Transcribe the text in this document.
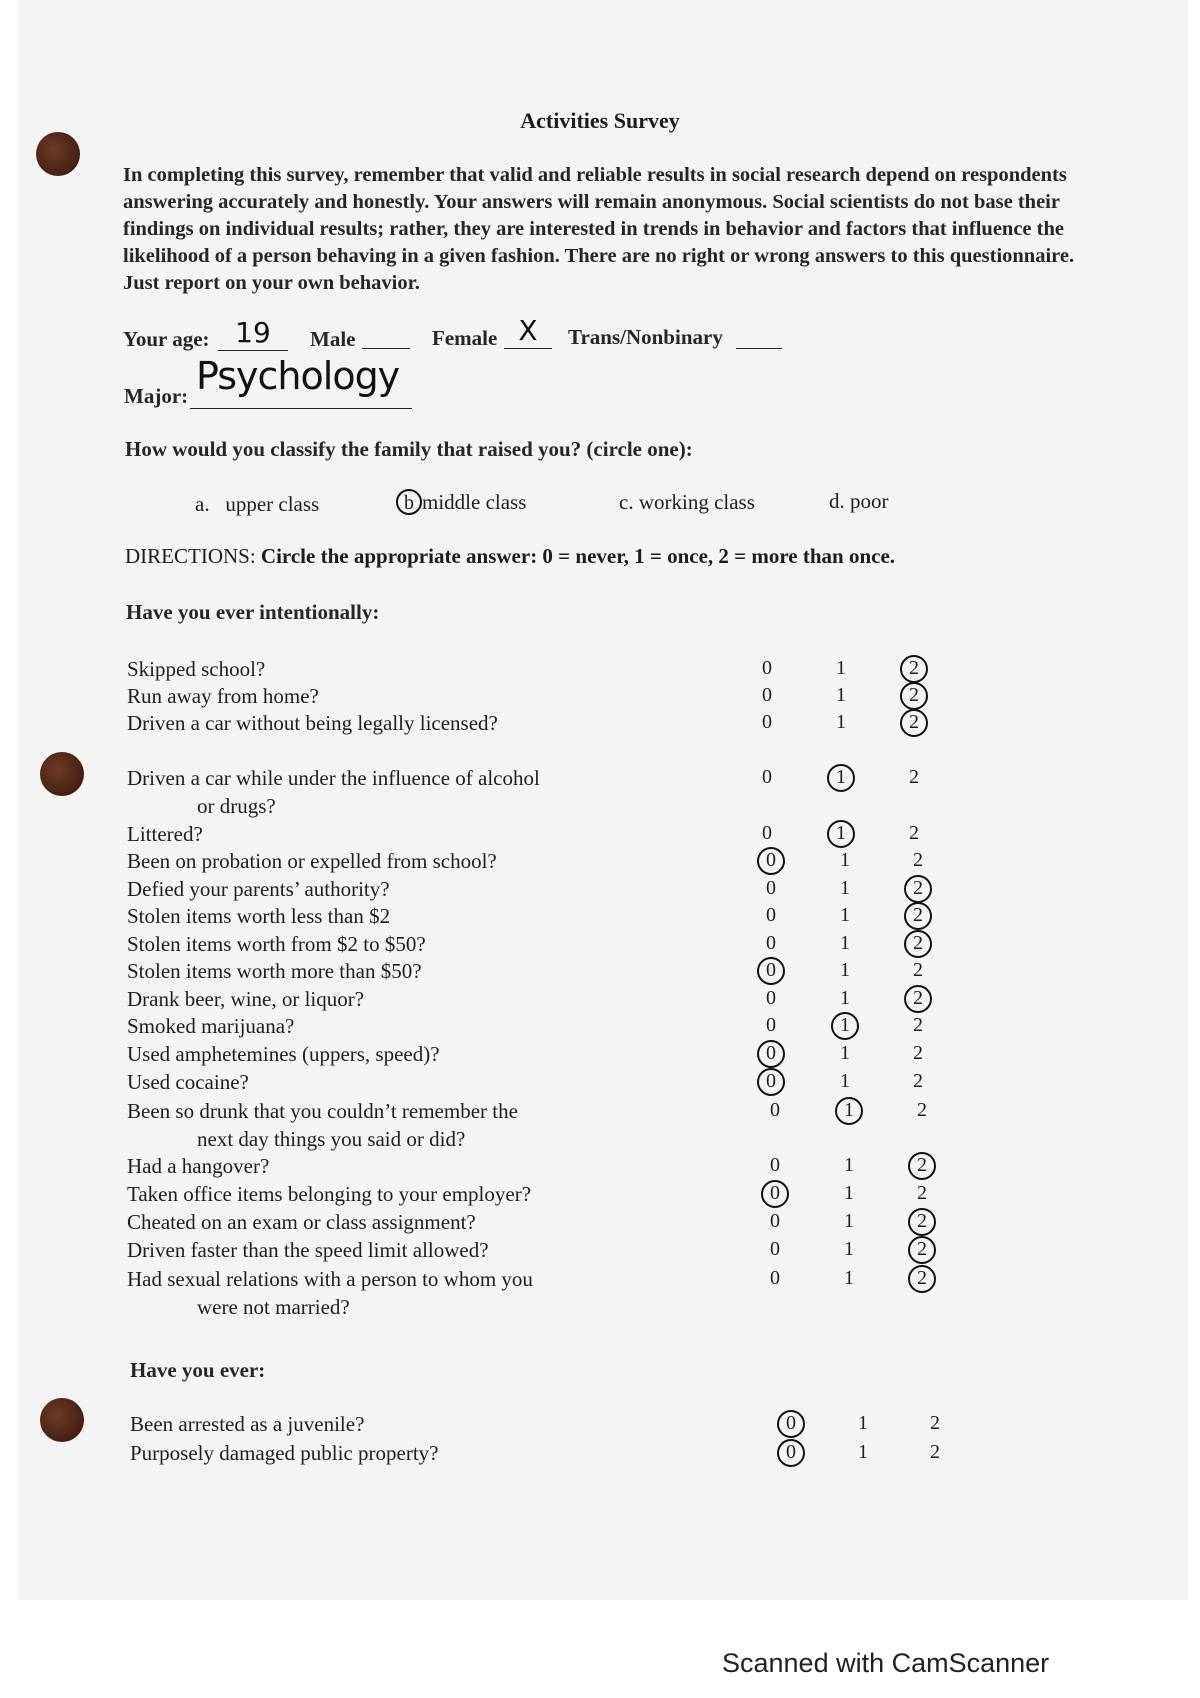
Activities Survey
In completing this survey, remember that valid and reliable results in social research depend on respondents answering accurately and honestly. Your answers will remain anonymous. Social scientists do not base their findings on individual results; rather, they are interested in trends in behavior and factors that influence the likelihood of a person behaving in a given fashion. There are no right or wrong answers to this questionnaire. Just report on your own behavior.
Your age: 19	Male	Female X	Trans/Nonbinary
Major: Psychology
How would you classify the family that raised you? (circle one):
a. upper class	b middle class	c. working class	d. poor
DIRECTIONS: Circle the appropriate answer: 0 = never, 1 = once, 2 = more than once.
Have you ever intentionally:
Skipped school?	0	1	2
Run away from home?	0	1	2
Driven a car without being legally licensed?	0	1	2
Driven a car while under the influence of alcohol
or drugs?
0	1	2
Littered?	0	1	2
Been on probation or expelled from school?	0	1	2
Defied your parents’ authority?	0	1	2
Stolen items worth less than $2	0	1	2
Stolen items worth from $2 to $50?	0	1	2
Stolen items worth more than $50?	0	1	2
Drank beer, wine, or liquor?	0	1	2
Smoked marijuana?	0	1	2
Used amphetemines (uppers, speed)?	0	1	2
Used cocaine?	0	1	2
Been so drunk that you couldn’t remember the
next day things you said or did?
0	1	2
Had a hangover?	0	1	2
Taken office items belonging to your employer?	0	1	2
Cheated on an exam or class assignment?	0	1	2
Driven faster than the speed limit allowed?	0	1	2
Had sexual relations with a person to whom you
were not married?
0	1	2
Have you ever:
Been arrested as a juvenile?	0	1	2
Purposely damaged public property?	0	1	2
Scanned with CamScanner
